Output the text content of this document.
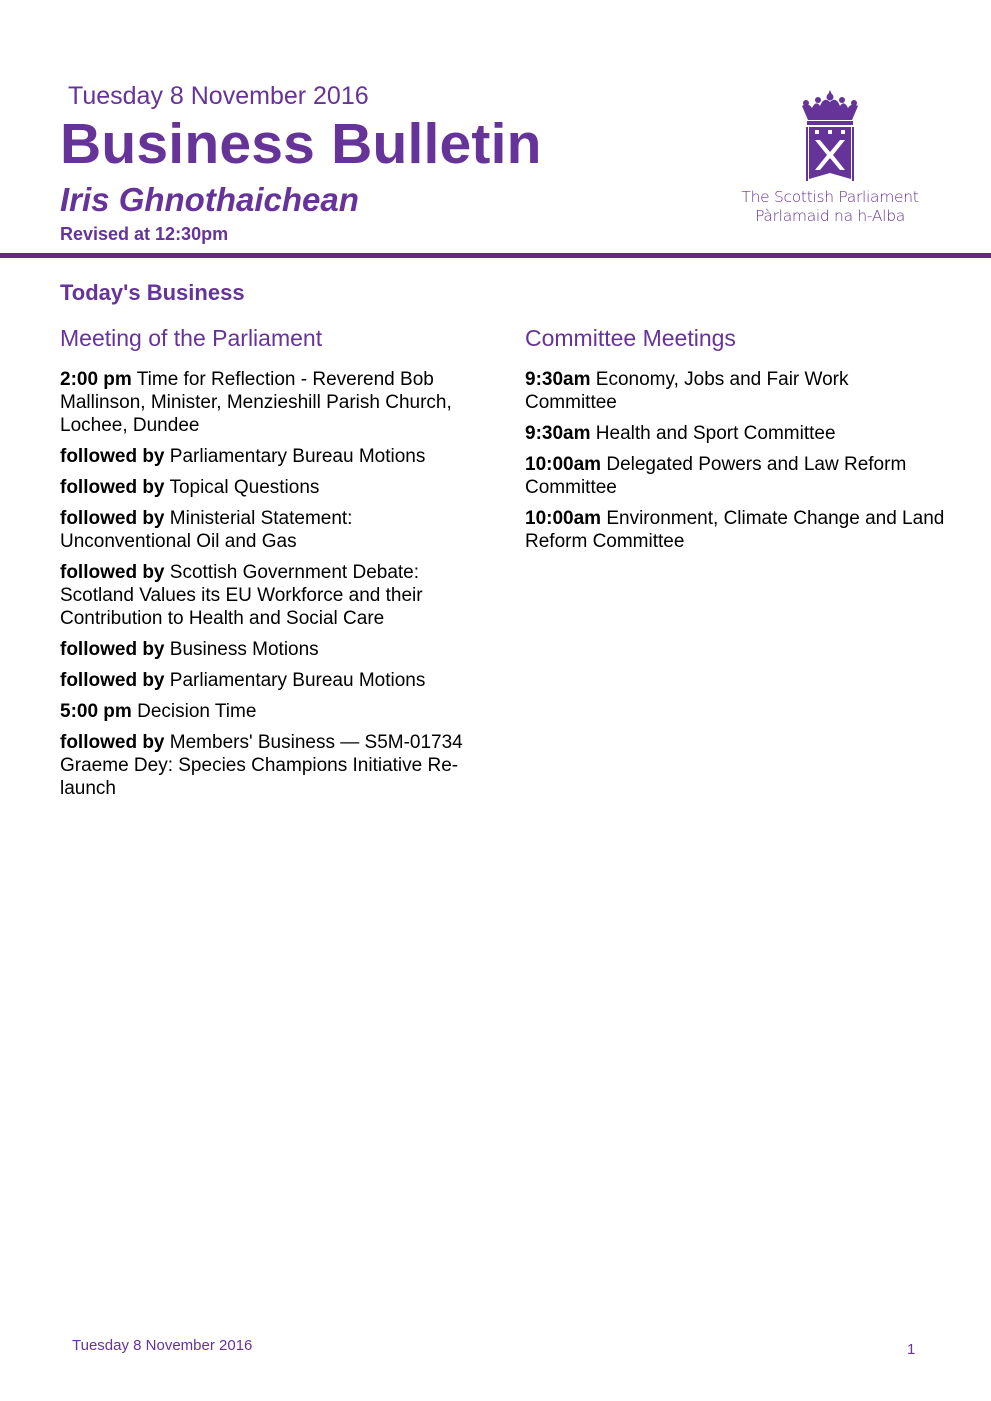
Tuesday 8 November 2016
Business Bulletin
Iris Ghnothaichean
Revised at 12:30pm
The Scottish Parliament
Pàrlamaid na h-Alba
Today's Business
Meeting of the Parliament
2:00 pm Time for Reflection - Reverend Bob Mallinson, Minister, Menzieshill Parish Church, Lochee, Dundee
followed by Parliamentary Bureau Motions
followed by Topical Questions
followed by Ministerial Statement: Unconventional Oil and Gas
followed by Scottish Government Debate: Scotland Values its EU Workforce and their Contribution to Health and Social Care
followed by Business Motions
followed by Parliamentary Bureau Motions
5:00 pm Decision Time
followed by Members' Business — S5M-01734 Graeme Dey: Species Champions Initiative Re-launch
Committee Meetings
9:30am Economy, Jobs and Fair Work Committee
9:30am Health and Sport Committee
10:00am Delegated Powers and Law Reform Committee
10:00am Environment, Climate Change and Land Reform Committee
Tuesday 8 November 2016	1
